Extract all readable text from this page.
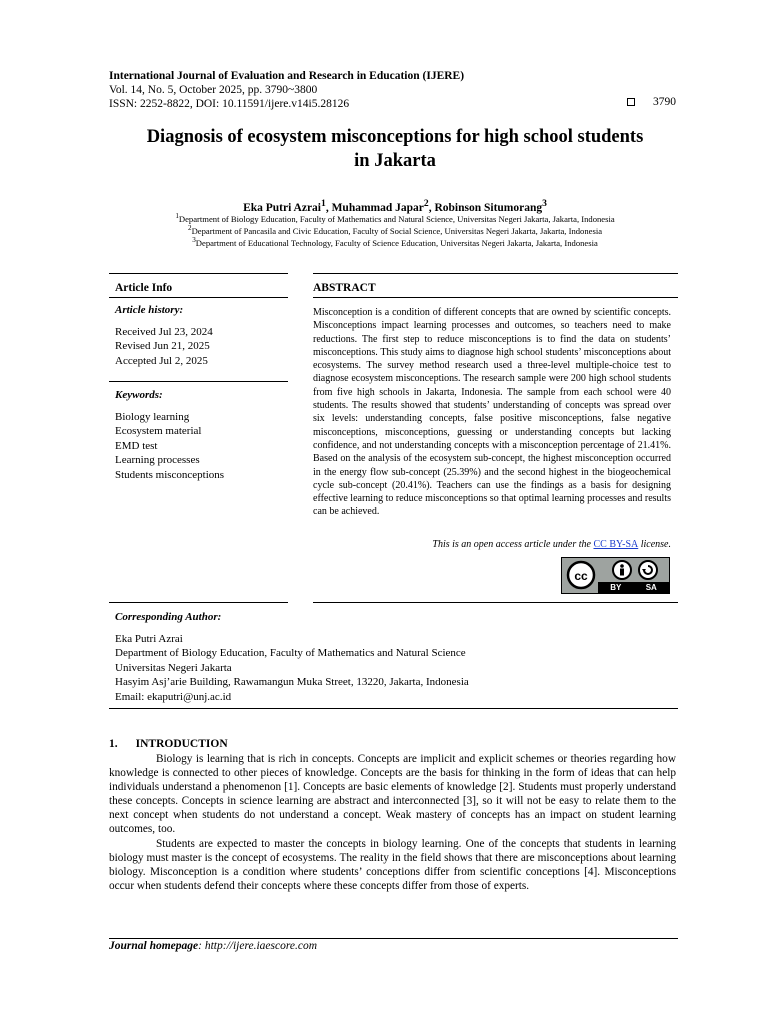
International Journal of Evaluation and Research in Education (IJERE)
Vol. 14, No. 5, October 2025, pp. 3790~3800
ISSN: 2252-8822, DOI: 10.11591/ijere.v14i5.28126	3790
Diagnosis of ecosystem misconceptions for high school students
in Jakarta
Eka Putri Azrai$^1$, Muhammad Japar$^2$, Robinson Situmorang$^3$
$^1$Department of Biology Education, Faculty of Mathematics and Natural Science, Universitas Negeri Jakarta, Jakarta, Indonesia
$^2$Department of Pancasila and Civic Education, Faculty of Social Science, Universitas Negeri Jakarta, Jakarta, Indonesia
$^3$Department of Educational Technology, Faculty of Science Education, Universitas Negeri Jakarta, Jakarta, Indonesia
Article Info	ABSTRACT
Article history:
Received Jul 23, 2024
Revised Jun 21, 2025
Accepted Jul 2, 2025
Keywords:
Biology learning
Ecosystem material
EMD test
Learning processes
Students misconceptions
Misconception is a condition of different concepts that are owned by scientific concepts. Misconceptions impact learning processes and outcomes, so teachers need to make reductions. The first step to reduce misconceptions is to find the data on students’ misconceptions. This study aims to diagnose high school students’ misconceptions about ecosystems. The survey method research used a three-level multiple-choice test to diagnose ecosystem misconceptions. The research sample were 200 high school students from five high schools in Jakarta, Indonesia. The sample from each school were 40 students. The results showed that students’ understanding of concepts was spread over six levels: understanding concepts, false positive misconceptions, false negative misconceptions, misconceptions, guessing or understanding concepts but lacking confidence, and not understanding concepts with a misconception percentage of 21.41%. Based on the analysis of the ecosystem sub-concept, the highest misconception occurred in the energy flow sub-concept (25.39%) and the second highest in the biogeochemical cycle sub-concept (20.41%). Teachers can use the findings as a basis for designing effective learning to reduce misconceptions so that optimal learning processes and results can be achieved.
This is an open access article under the CC BY-SA license.
cc
BY	SA
Corresponding Author:
Eka Putri Azrai
Department of Biology Education, Faculty of Mathematics and Natural Science
Universitas Negeri Jakarta
Hasyim Asj’arie Building, Rawamangun Muka Street, 13220, Jakarta, Indonesia
Email: ekaputri@unj.ac.id
1. INTRODUCTION

Biology is learning that is rich in concepts. Concepts are implicit and explicit schemes or theories regarding how knowledge is connected to other pieces of knowledge. Concepts are the basis for thinking in the form of ideas that can help individuals understand a phenomenon [1]. Concepts are basic elements of knowledge [2]. Students must properly understand these concepts. Concepts in science learning are abstract and interconnected [3], so it will not be easy to relate them to the next concept when students do not understand a concept. Weak mastery of concepts has an impact on student learning outcomes, too.

Students are expected to master the concepts in biology learning. One of the concepts that students in learning biology must master is the concept of ecosystems. The reality in the field shows that there are misconceptions about learning biology. Misconception is a condition where students’ conceptions differ from scientific conceptions [4]. Misconceptions occur when students defend their concepts where these concepts differ from those of experts.

Journal homepage: http://ijere.iaescore.com
